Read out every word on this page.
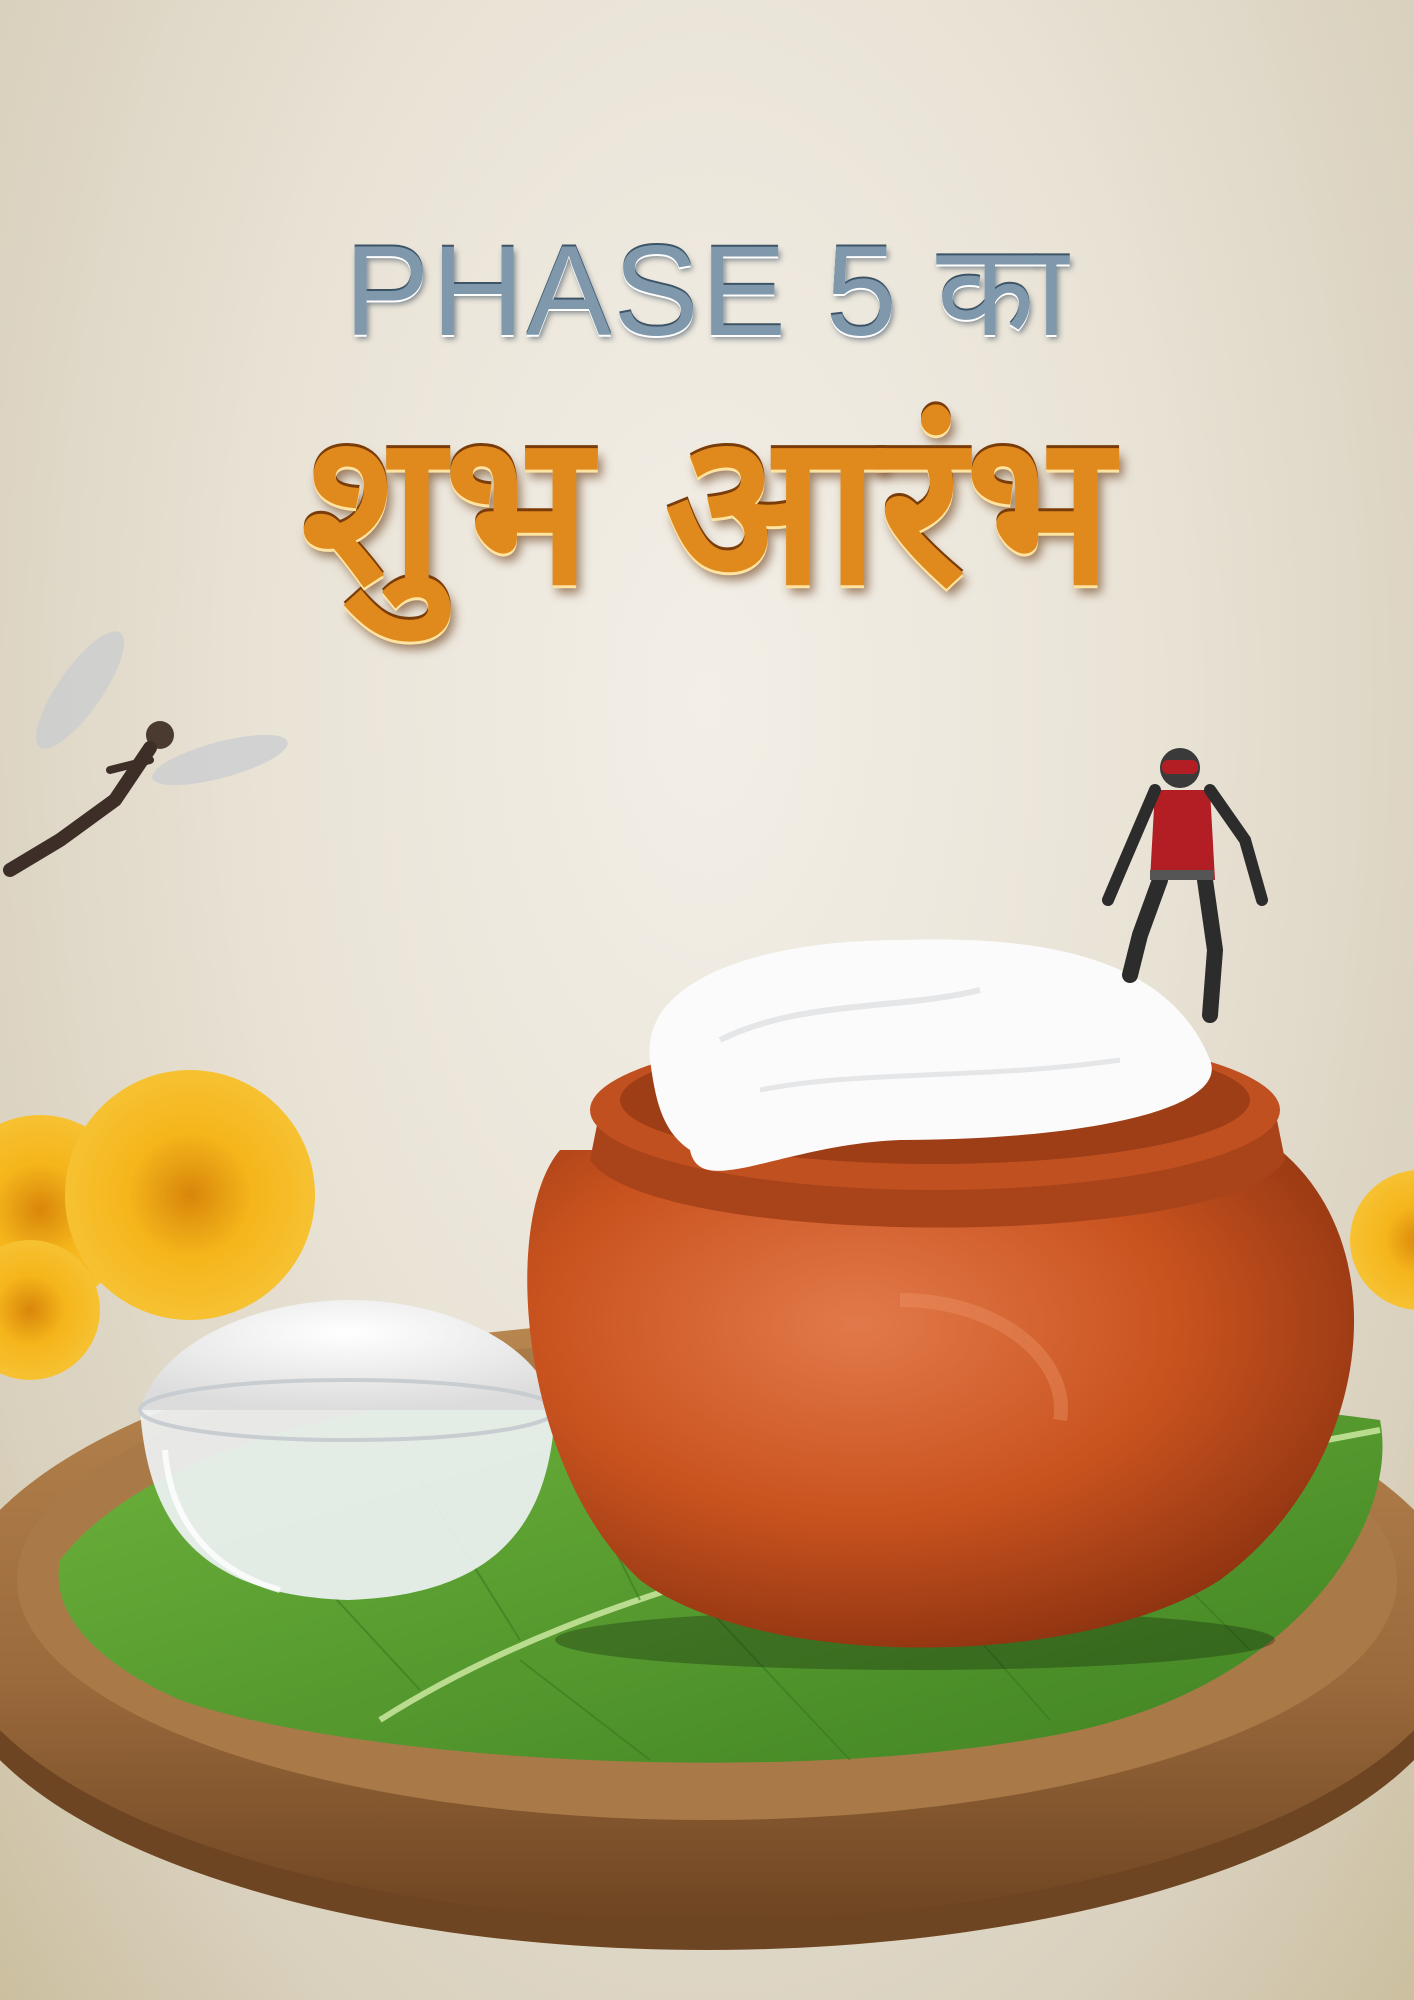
PHASE 5 का
शुभ आरंभ
